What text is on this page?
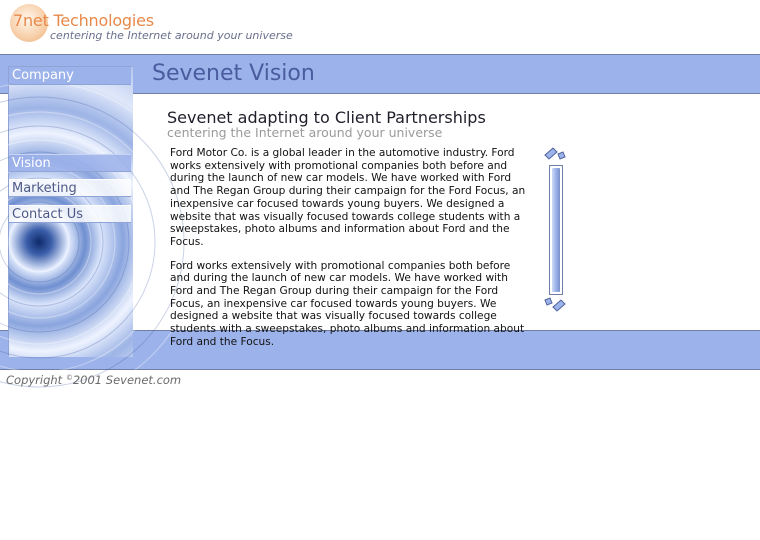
7net Technologies
centering the Internet around your universe
Sevenet Vision
Company
Vision
Marketing
Contact Us
Sevenet adapting to Client Partnerships
centering the Internet around your universe

Ford Motor Co. is a global leader in the automotive industry. Ford works extensively with promotional companies both before and during the launch of new car models. We have worked with Ford and The Regan Group during their campaign for the Ford Focus, an inexpensive car focused towards young buyers. We designed a website that was visually focused towards college students with a sweepstakes, photo albums and information about Ford and the Focus.

Ford works extensively with promotional companies both before and during the launch of new car models. We have worked with Ford and The Regan Group during their campaign for the Ford Focus, an inexpensive car focused towards young buyers. We designed a website that was visually focused towards college students with a sweepstakes, photo albums and information about Ford and the Focus.

Copyright ©2001 Sevenet.com
